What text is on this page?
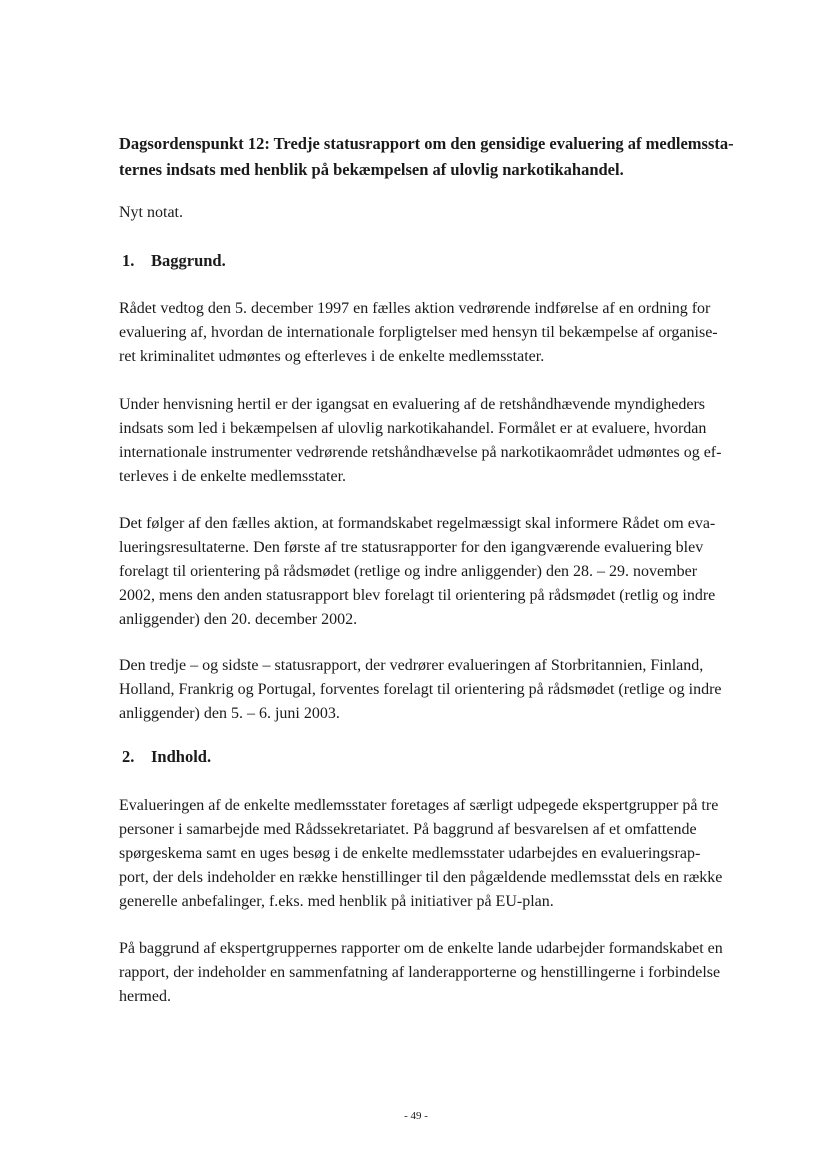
Dagsordenspunkt 12: Tredje statusrapport om den gensidige evaluering af medlemssta-
ternes indsats med henblik på bekæmpelsen af ulovlig narkotikahandel.

Nyt notat.

1. Baggrund.

Rådet vedtog den 5. december 1997 en fælles aktion vedrørende indførelse af en ordning for
evaluering af, hvordan de internationale forpligtelser med hensyn til bekæmpelse af organise-
ret kriminalitet udmøntes og efterleves i de enkelte medlemsstater.

Under henvisning hertil er der igangsat en evaluering af de retshåndhævende myndigheders
indsats som led i bekæmpelsen af ulovlig narkotikahandel. Formålet er at evaluere, hvordan
internationale instrumenter vedrørende retshåndhævelse på narkotikaområdet udmøntes og ef-
terleves i de enkelte medlemsstater.

Det følger af den fælles aktion, at formandskabet regelmæssigt skal informere Rådet om eva-
lueringsresultaterne. Den første af tre statusrapporter for den igangværende evaluering blev
forelagt til orientering på rådsmødet (retlige og indre anliggender) den 28. – 29. november
2002, mens den anden statusrapport blev forelagt til orientering på rådsmødet (retlig og indre
anliggender) den 20. december 2002.

Den tredje – og sidste – statusrapport, der vedrører evalueringen af Storbritannien, Finland,
Holland, Frankrig og Portugal, forventes forelagt til orientering på rådsmødet (retlige og indre
anliggender) den 5. – 6. juni 2003.

2. Indhold.

Evalueringen af de enkelte medlemsstater foretages af særligt udpegede ekspertgrupper på tre
personer i samarbejde med Rådssekretariatet. På baggrund af besvarelsen af et omfattende
spørgeskema samt en uges besøg i de enkelte medlemsstater udarbejdes en evalueringsrap-
port, der dels indeholder en række henstillinger til den pågældende medlemsstat dels en række
generelle anbefalinger, f.eks. med henblik på initiativer på EU-plan.

På baggrund af ekspertgruppernes rapporter om de enkelte lande udarbejder formandskabet en
rapport, der indeholder en sammenfatning af landerapporterne og henstillingerne i forbindelse
hermed.

- 49 -
